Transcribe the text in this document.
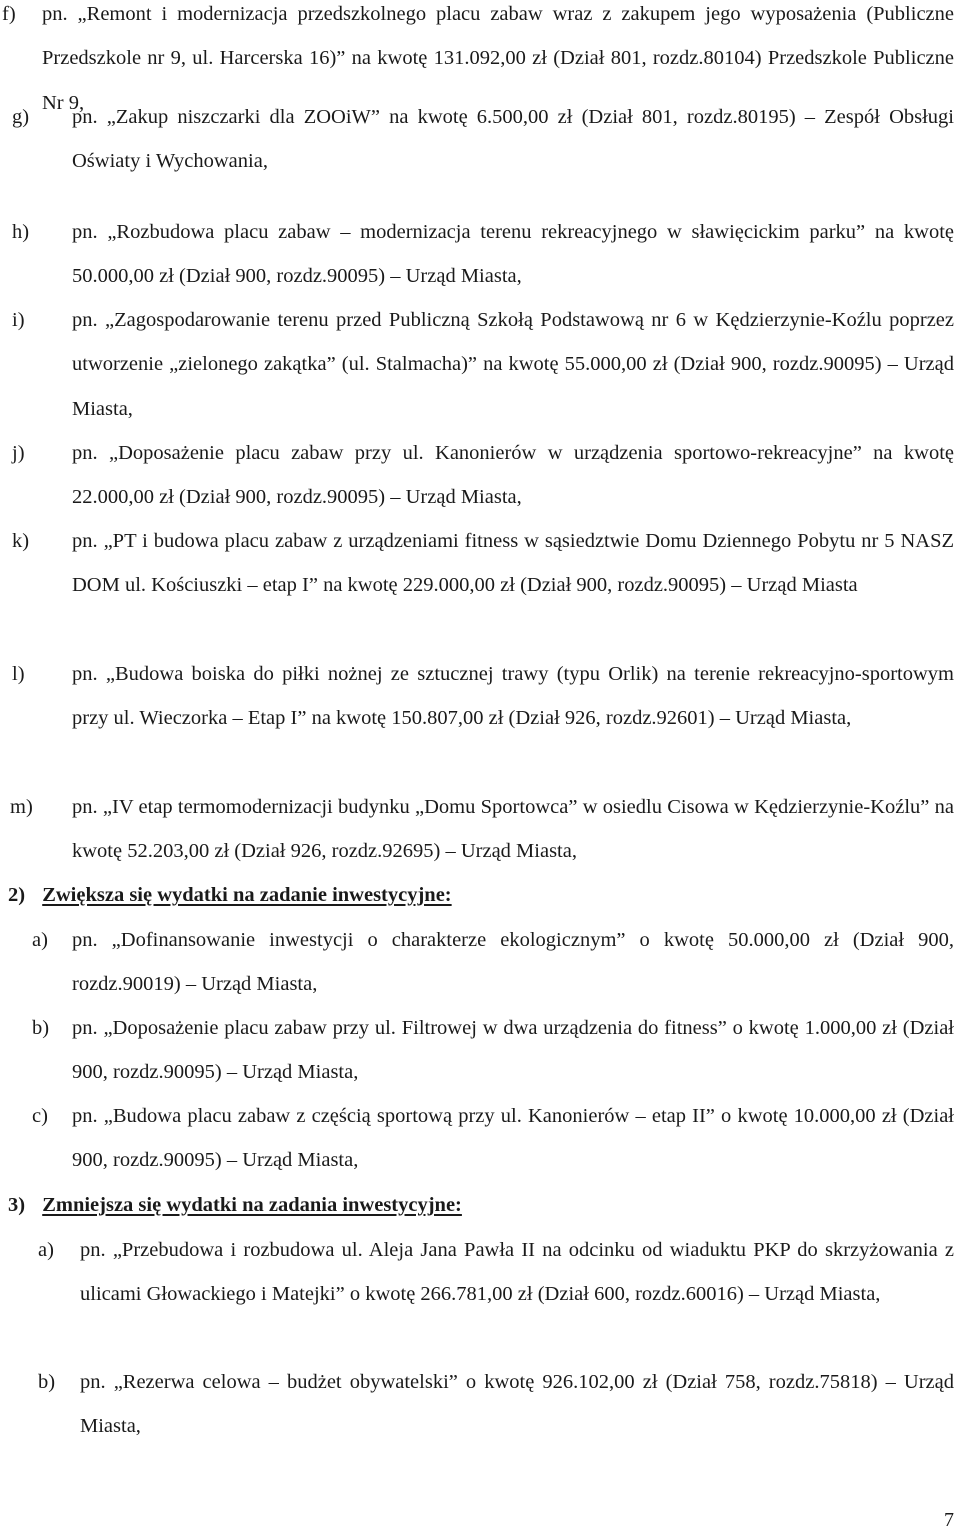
f) pn. „Remont i modernizacja przedszkolnego placu zabaw wraz z zakupem jego wyposażenia (Publiczne Przedszkole nr 9, ul. Harcerska 16)” na kwotę 131.092,00 zł (Dział 801, rozdz.80104) Przedszkole Publiczne Nr 9,
g) pn. „Zakup niszczarki dla ZOOiW” na kwotę 6.500,00 zł (Dział 801, rozdz.80195) – Zespół Obsługi Oświaty i Wychowania,
h) pn. „Rozbudowa placu zabaw – modernizacja terenu rekreacyjnego w sławięcickim parku” na kwotę 50.000,00 zł (Dział 900, rozdz.90095) – Urząd Miasta,
i) pn. „Zagospodarowanie terenu przed Publiczną Szkołą Podstawową nr 6 w Kędzierzynie-Koźlu poprzez utworzenie „zielonego zakątka” (ul. Stalmacha)” na kwotę 55.000,00 zł (Dział 900, rozdz.90095) – Urząd Miasta,
j) pn. „Doposażenie placu zabaw przy ul. Kanonierów w urządzenia sportowo-rekreacyjne” na kwotę 22.000,00 zł (Dział 900, rozdz.90095) – Urząd Miasta,
k) pn. „PT i budowa placu zabaw z urządzeniami fitness w sąsiedztwie Domu Dziennego Pobytu nr 5 NASZ DOM ul. Kościuszki – etap I” na kwotę 229.000,00 zł (Dział 900, rozdz.90095) – Urząd Miasta
l) pn. „Budowa boiska do piłki nożnej ze sztucznej trawy (typu Orlik) na terenie rekreacyjno-sportowym przy ul. Wieczorka – Etap I” na kwotę 150.807,00 zł (Dział 926, rozdz.92601) – Urząd Miasta,
m) pn. „IV etap termomodernizacji budynku „Domu Sportowca” w osiedlu Cisowa w Kędzierzynie-Koźlu” na kwotę 52.203,00 zł (Dział 926, rozdz.92695) – Urząd Miasta,
2) Zwiększa się wydatki na zadanie inwestycyjne:
a) pn. „Dofinansowanie inwestycji o charakterze ekologicznym” o kwotę 50.000,00 zł (Dział 900, rozdz.90019) – Urząd Miasta,
b) pn. „Doposażenie placu zabaw przy ul. Filtrowej w dwa urządzenia do fitness” o kwotę 1.000,00 zł (Dział 900, rozdz.90095) – Urząd Miasta,
c) pn. „Budowa placu zabaw z częścią sportową przy ul. Kanonierów – etap II” o kwotę 10.000,00 zł (Dział 900, rozdz.90095) – Urząd Miasta,
3) Zmniejsza się wydatki na zadania inwestycyjne:
a) pn. „Przebudowa i rozbudowa ul. Aleja Jana Pawła II na odcinku od wiaduktu PKP do skrzyżowania z ulicami Głowackiego i Matejki” o kwotę 266.781,00 zł (Dział 600, rozdz.60016) – Urząd Miasta,
b) pn. „Rezerwa celowa – budżet obywatelski” o kwotę 926.102,00 zł (Dział 758, rozdz.75818) – Urząd Miasta,
7
